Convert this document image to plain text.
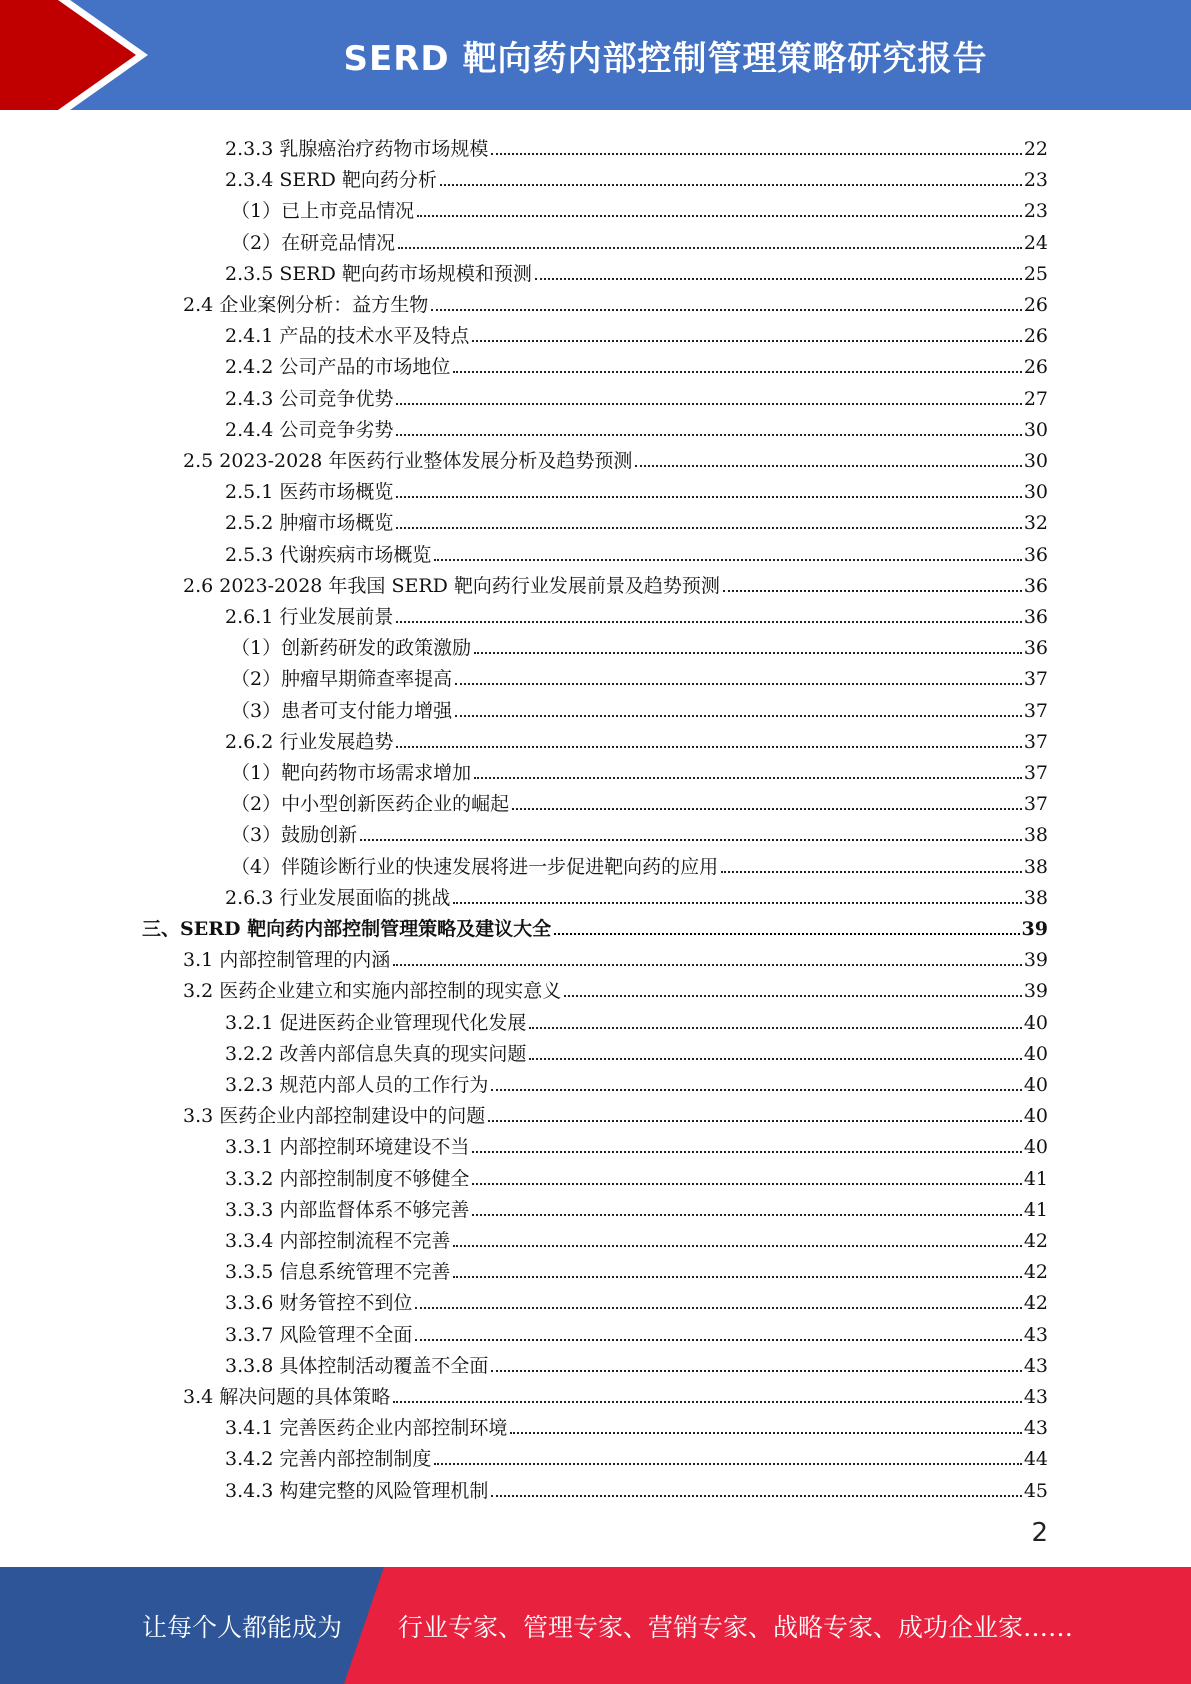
SERD 靶向药内部控制管理策略研究报告
2.3.3 乳腺癌治疗药物市场规模	22
2.3.4 SERD 靶向药分析	23
（1）已上市竞品情况	23
（2）在研竞品情况	24
2.3.5 SERD 靶向药市场规模和预测	25
2.4 企业案例分析：益方生物	26
2.4.1 产品的技术水平及特点	26
2.4.2 公司产品的市场地位	26
2.4.3 公司竞争优势	27
2.4.4 公司竞争劣势	30
2.5 2023-2028 年医药行业整体发展分析及趋势预测	30
2.5.1 医药市场概览	30
2.5.2 肿瘤市场概览	32
2.5.3 代谢疾病市场概览	36
2.6 2023-2028 年我国 SERD 靶向药行业发展前景及趋势预测	36
2.6.1 行业发展前景	36
（1）创新药研发的政策激励	36
（2）肿瘤早期筛查率提高	37
（3）患者可支付能力增强	37
2.6.2 行业发展趋势	37
（1）靶向药物市场需求增加	37
（2）中小型创新医药企业的崛起	37
（3）鼓励创新	38
（4）伴随诊断行业的快速发展将进一步促进靶向药的应用	38
2.6.3 行业发展面临的挑战	38
三、SERD 靶向药内部控制管理策略及建议大全	39
3.1 内部控制管理的内涵	39
3.2 医药企业建立和实施内部控制的现实意义	39
3.2.1 促进医药企业管理现代化发展	40
3.2.2 改善内部信息失真的现实问题	40
3.2.3 规范内部人员的工作行为	40
3.3 医药企业内部控制建设中的问题	40
3.3.1 内部控制环境建设不当	40
3.3.2 内部控制制度不够健全	41
3.3.3 内部监督体系不够完善	41
3.3.4 内部控制流程不完善	42
3.3.5 信息系统管理不完善	42
3.3.6 财务管控不到位	42
3.3.7 风险管理不全面	43
3.3.8 具体控制活动覆盖不全面	43
3.4 解决问题的具体策略	43
3.4.1 完善医药企业内部控制环境	43
3.4.2 完善内部控制制度	44
3.4.3 构建完整的风险管理机制	45
2
让每个人都能成为 行业专家、管理专家、营销专家、战略专家、成功企业家……
